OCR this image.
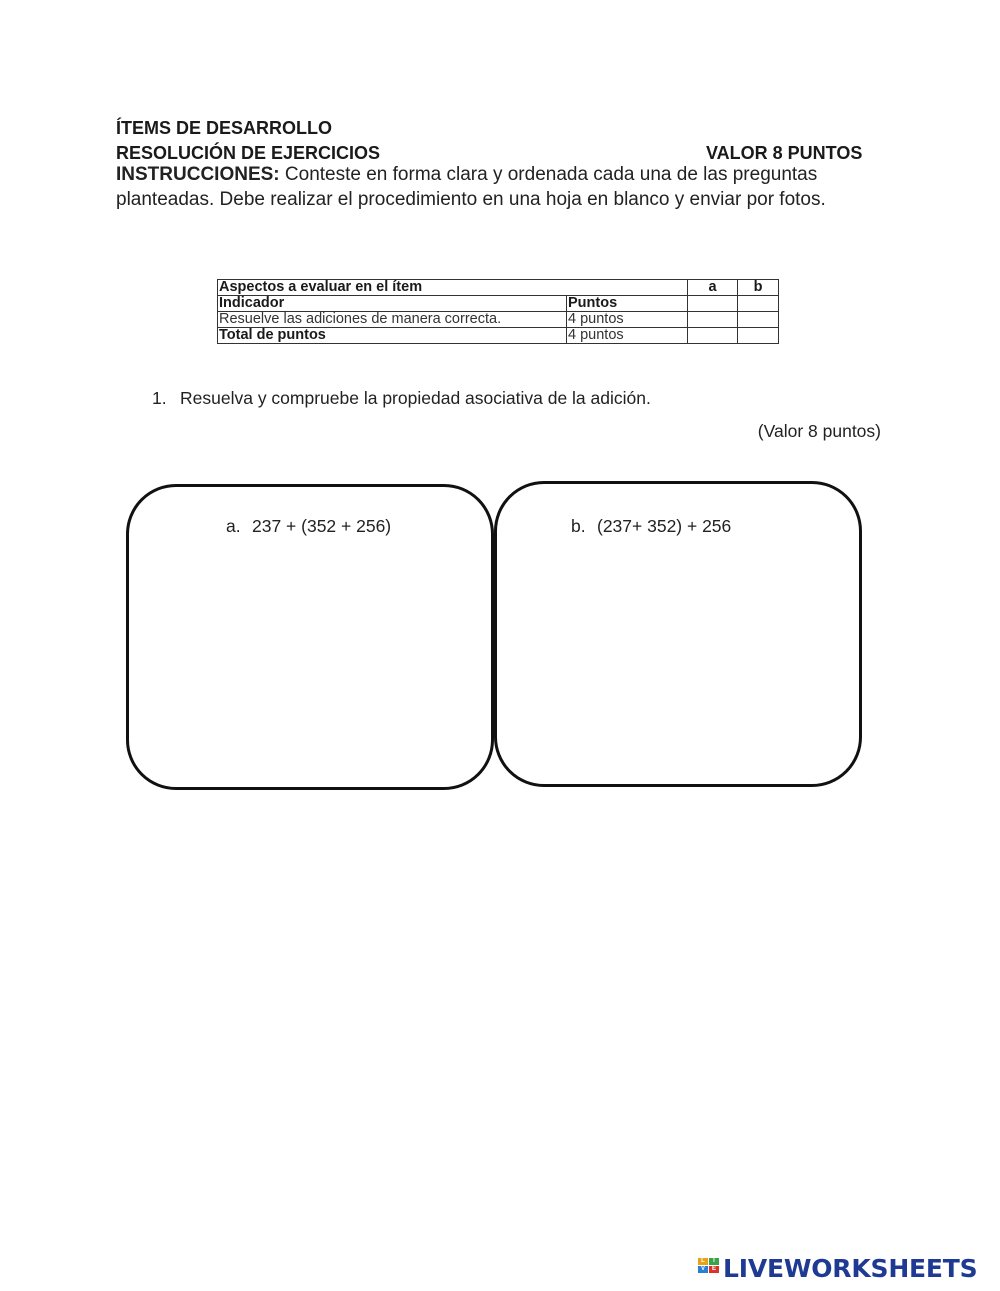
ÍTEMS DE DESARROLLO
RESOLUCIÓN DE EJERCICIOS	VALOR 8 PUNTOS
INSTRUCCIONES: Conteste en forma clara y ordenada cada una de las preguntas planteadas. Debe realizar el procedimiento en una hoja en blanco y enviar por fotos.
Aspectos a evaluar en el ítem		a	b
Indicador	Puntos		
Resuelve las adiciones de manera correcta.	4 puntos		
Total de puntos	4 puntos		
1. Resuelva y compruebe la propiedad asociativa de la adición.
(Valor 8 puntos)
a. 237 + (352 + 256)	b. (237+ 352) + 256
L	I
V	E LIVEWORKSHEETS
